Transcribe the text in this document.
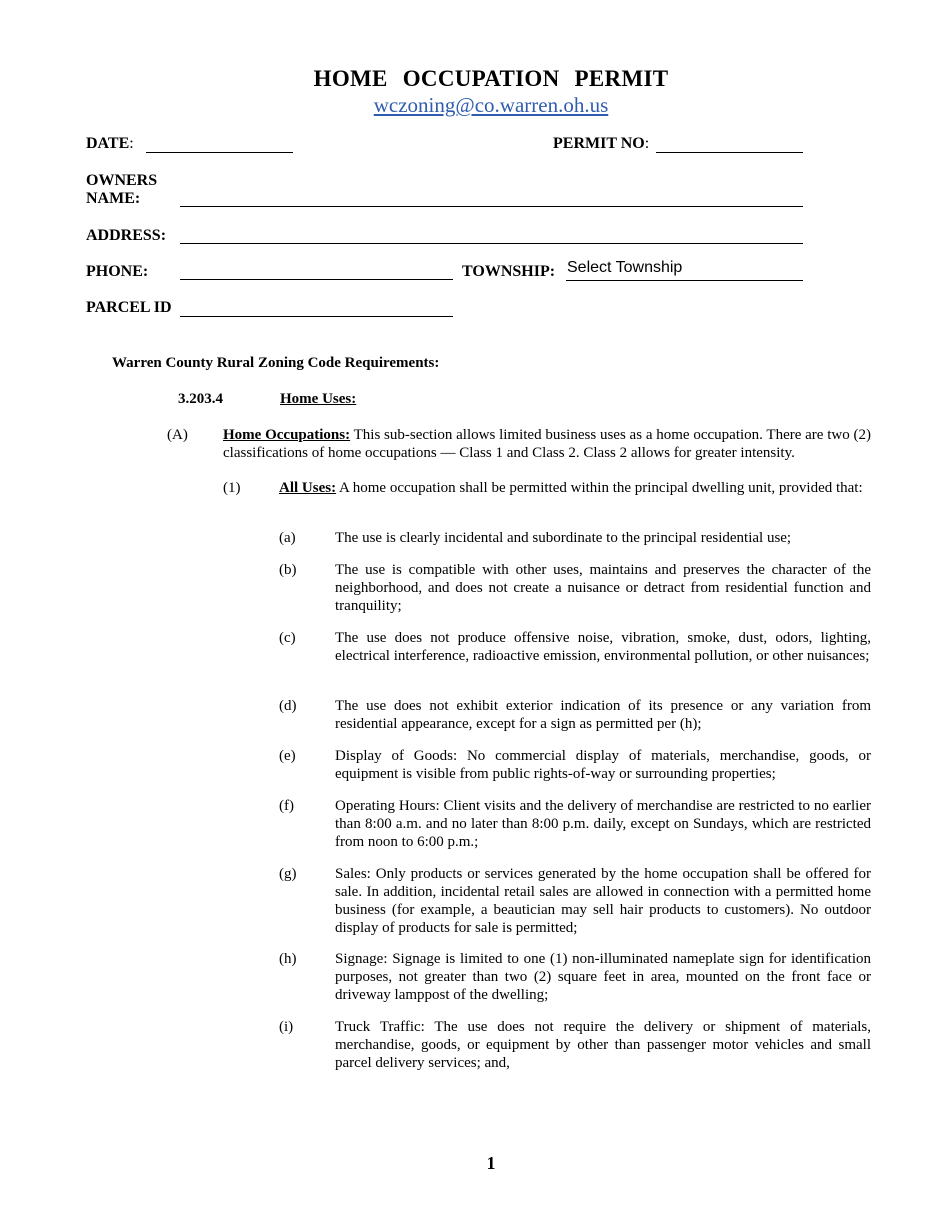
HOME OCCUPATION PERMIT
wczoning@co.warren.oh.us
DATE:	PERMIT NO:
OWNERS
NAME:
ADDRESS:
PHONE:	TOWNSHIP: Select Township
PARCEL ID
Warren County Rural Zoning Code Requirements:
3.203.4	Home Uses:
(A) Home Occupations: This sub-section allows limited business uses as a home occupation. There are two (2) classifications of home occupations — Class 1 and Class 2. Class 2 allows for greater intensity.
(1)	All Uses: A home occupation shall be permitted within the principal dwelling unit, provided that:
(a)	The use is clearly incidental and subordinate to the principal residential use;
(b)	The use is compatible with other uses, maintains and preserves the character of the neighborhood, and does not create a nuisance or detract from residential function and tranquility;
(c)	The use does not produce offensive noise, vibration, smoke, dust, odors, lighting, electrical interference, radioactive emission, environmental pollution, or other nuisances;
(d)	The use does not exhibit exterior indication of its presence or any variation from residential appearance, except for a sign as permitted per (h);
(e)	Display of Goods: No commercial display of materials, merchandise, goods, or equipment is visible from public rights-of-way or surrounding properties;
(f)	Operating Hours: Client visits and the delivery of merchandise are restricted to no earlier than 8:00 a.m. and no later than 8:00 p.m. daily, except on Sundays, which are restricted from noon to 6:00 p.m.;
(g)	Sales: Only products or services generated by the home occupation shall be offered for sale. In addition, incidental retail sales are allowed in connection with a permitted home business (for example, a beautician may sell hair products to customers). No outdoor display of products for sale is permitted;
(h)	Signage: Signage is limited to one (1) non-illuminated nameplate sign for identification purposes, not greater than two (2) square feet in area, mounted on the front face or driveway lamppost of the dwelling;
(i)	Truck Traffic: The use does not require the delivery or shipment of materials, merchandise, goods, or equipment by other than passenger motor vehicles and small parcel delivery services; and,
1
